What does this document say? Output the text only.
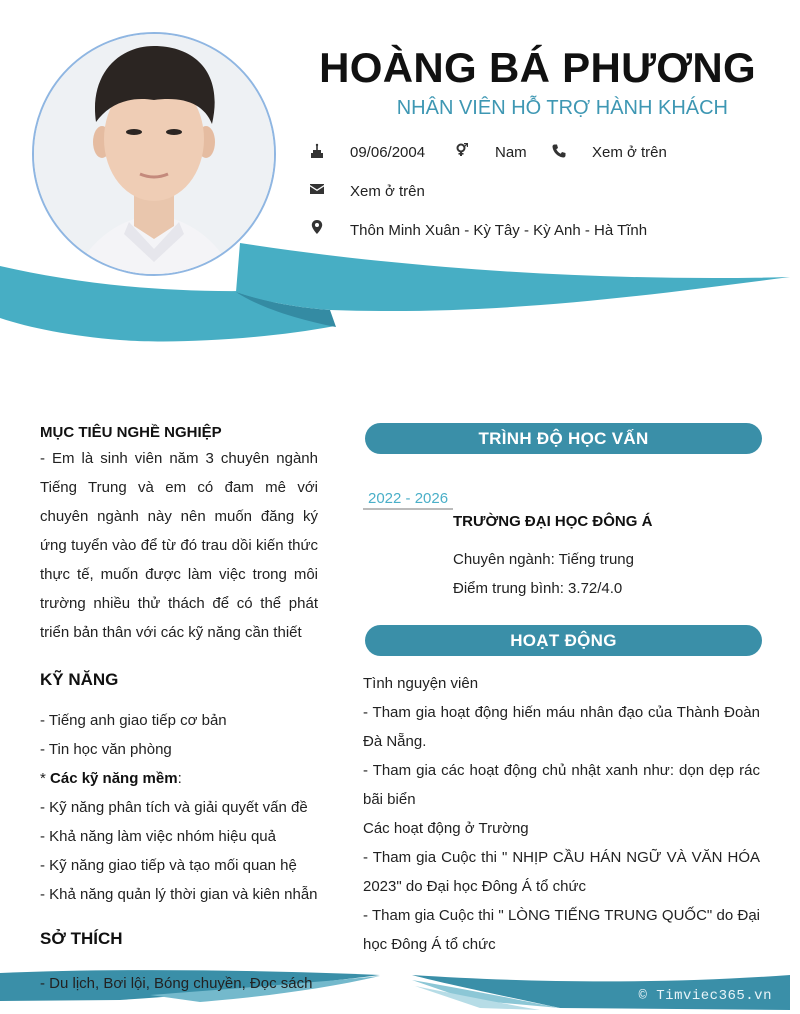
HOÀNG BÁ PHƯƠNG
NHÂN VIÊN HỖ TRỢ HÀNH KHÁCH
09/06/2004	Nam	Xem ở trên
Xem ở trên
Thôn Minh Xuân - Kỳ Tây - Kỳ Anh - Hà Tĩnh
MỤC TIÊU NGHỀ NGHIỆP
- Em là sinh viên năm 3 chuyên ngành Tiếng Trung và em có đam mê với chuyên ngành này nên muốn đăng ký ứng tuyển vào để từ đó trau dồi kiến thức thực tế, muốn được làm việc trong môi trường nhiều thử thách để có thể phát triển bản thân với các kỹ năng cần thiết
KỸ NĂNG
- Tiếng anh giao tiếp cơ bản
- Tin học văn phòng
* Các kỹ năng mềm:
- Kỹ năng phân tích và giải quyết vấn đề
- Khả năng làm việc nhóm hiệu quả
- Kỹ năng giao tiếp và tạo mối quan hệ
- Khả năng quản lý thời gian và kiên nhẫn
SỞ THÍCH
- Du lịch, Bơi lội, Bóng chuyền, Đọc sách
TRÌNH ĐỘ HỌC VẤN
2022 - 2026
TRƯỜNG ĐẠI HỌC ĐÔNG Á
Chuyên ngành: Tiếng trung
Điểm trung bình: 3.72/4.0
HOẠT ĐỘNG
Tình nguyện viên
- Tham gia hoạt động hiến máu nhân đạo của Thành Đoàn Đà Nẵng.
- Tham gia các hoạt động chủ nhật xanh như: dọn dẹp rác bãi biển
Các hoạt động ở Trường
- Tham gia Cuộc thi " NHỊP CẦU HÁN NGỮ VÀ VĂN HÓA 2023" do Đại học Đông Á tổ chức
- Tham gia Cuộc thi " LÒNG TIẾNG TRUNG QUỐC" do Đại học Đông Á tổ chức
© Timviec365.vn
